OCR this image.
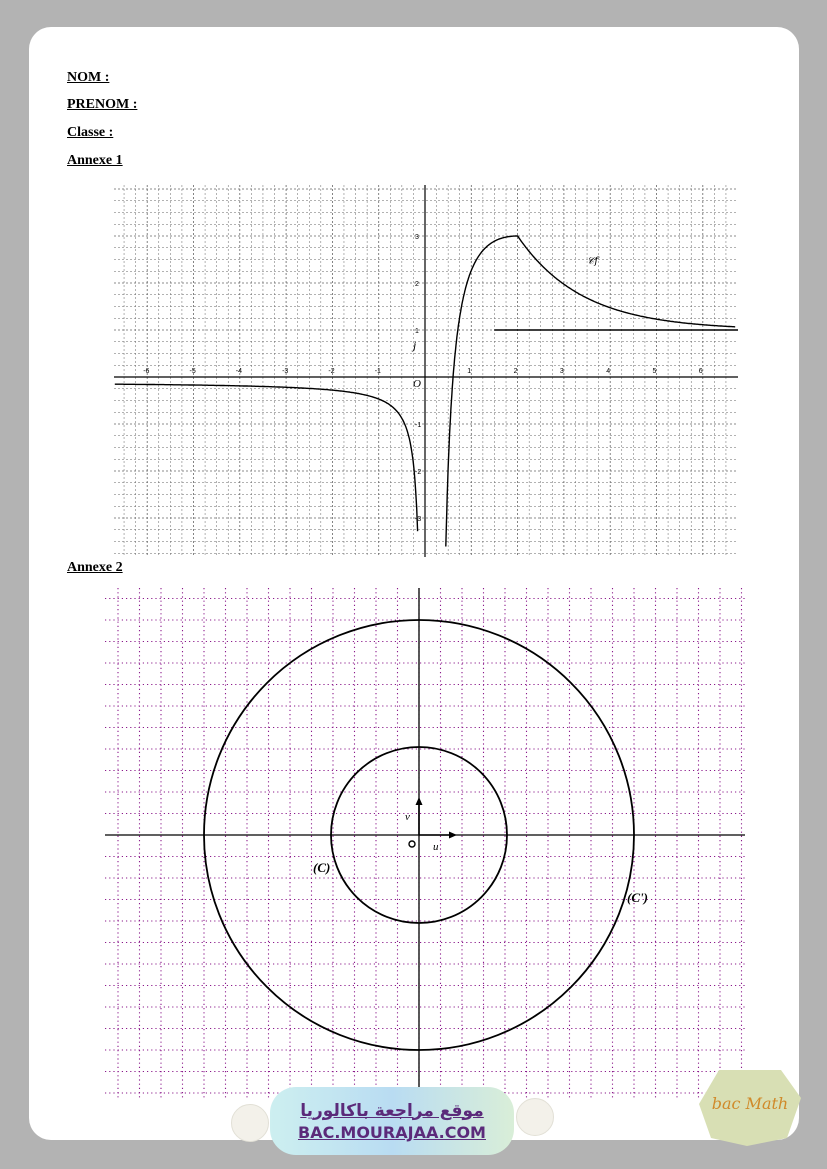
NOM :
PRENOM :
Classe :
Annexe 1
Annexe 2
-6	-5	-4	-3	-2	-1	1	2	3	4	5	6
3
2
1
-1
-2
-3
O
j
𝒞f
u
v
(C)
(C')
موقع مراجعة باكالوريا
BAC.MOURAJAA.COM
bac Math
